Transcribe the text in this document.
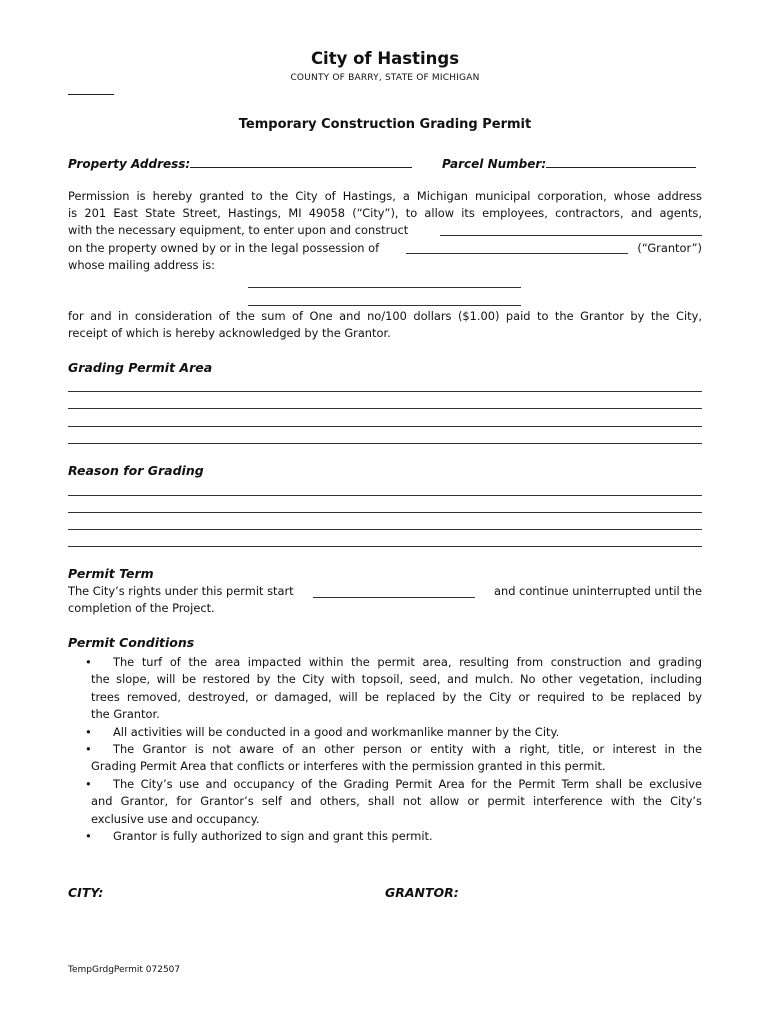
City of Hastings
COUNTY OF BARRY, STATE OF MICHIGAN
Temporary Construction Grading Permit
Property Address:	Parcel Number:
Permission is hereby granted to the City of Hastings, a Michigan municipal corporation, whose address
is 201 East State Street, Hastings, MI 49058 (“City”), to allow its employees, contractors, and agents,
with the necessary equipment, to enter upon and construct
on the property owned by or in the legal possession of	(“Grantor”)
whose mailing address is:
for and in consideration of the sum of One and no/100 dollars ($1.00) paid to the Grantor by the City,
receipt of which is hereby acknowledged by the Grantor.
Grading Permit Area
Reason for Grading
Permit Term
The City’s rights under this permit start	and continue uninterrupted until the
completion of the Project.
Permit Conditions
•	The turf of the area impacted within the permit area, resulting from construction and grading
the slope, will be restored by the City with topsoil, seed, and mulch. No other vegetation, including
trees removed, destroyed, or damaged, will be replaced by the City or required to be replaced by
the Grantor.
•	All activities will be conducted in a good and workmanlike manner by the City.
•	The Grantor is not aware of an other person or entity with a right, title, or interest in the
Grading Permit Area that conflicts or interferes with the permission granted in this permit.
•	The City’s use and occupancy of the Grading Permit Area for the Permit Term shall be exclusive
and Grantor, for Grantor’s self and others, shall not allow or permit interference with the City’s
exclusive use and occupancy.
•	Grantor is fully authorized to sign and grant this permit.
CITY:	GRANTOR:
TempGrdgPermit 072507
